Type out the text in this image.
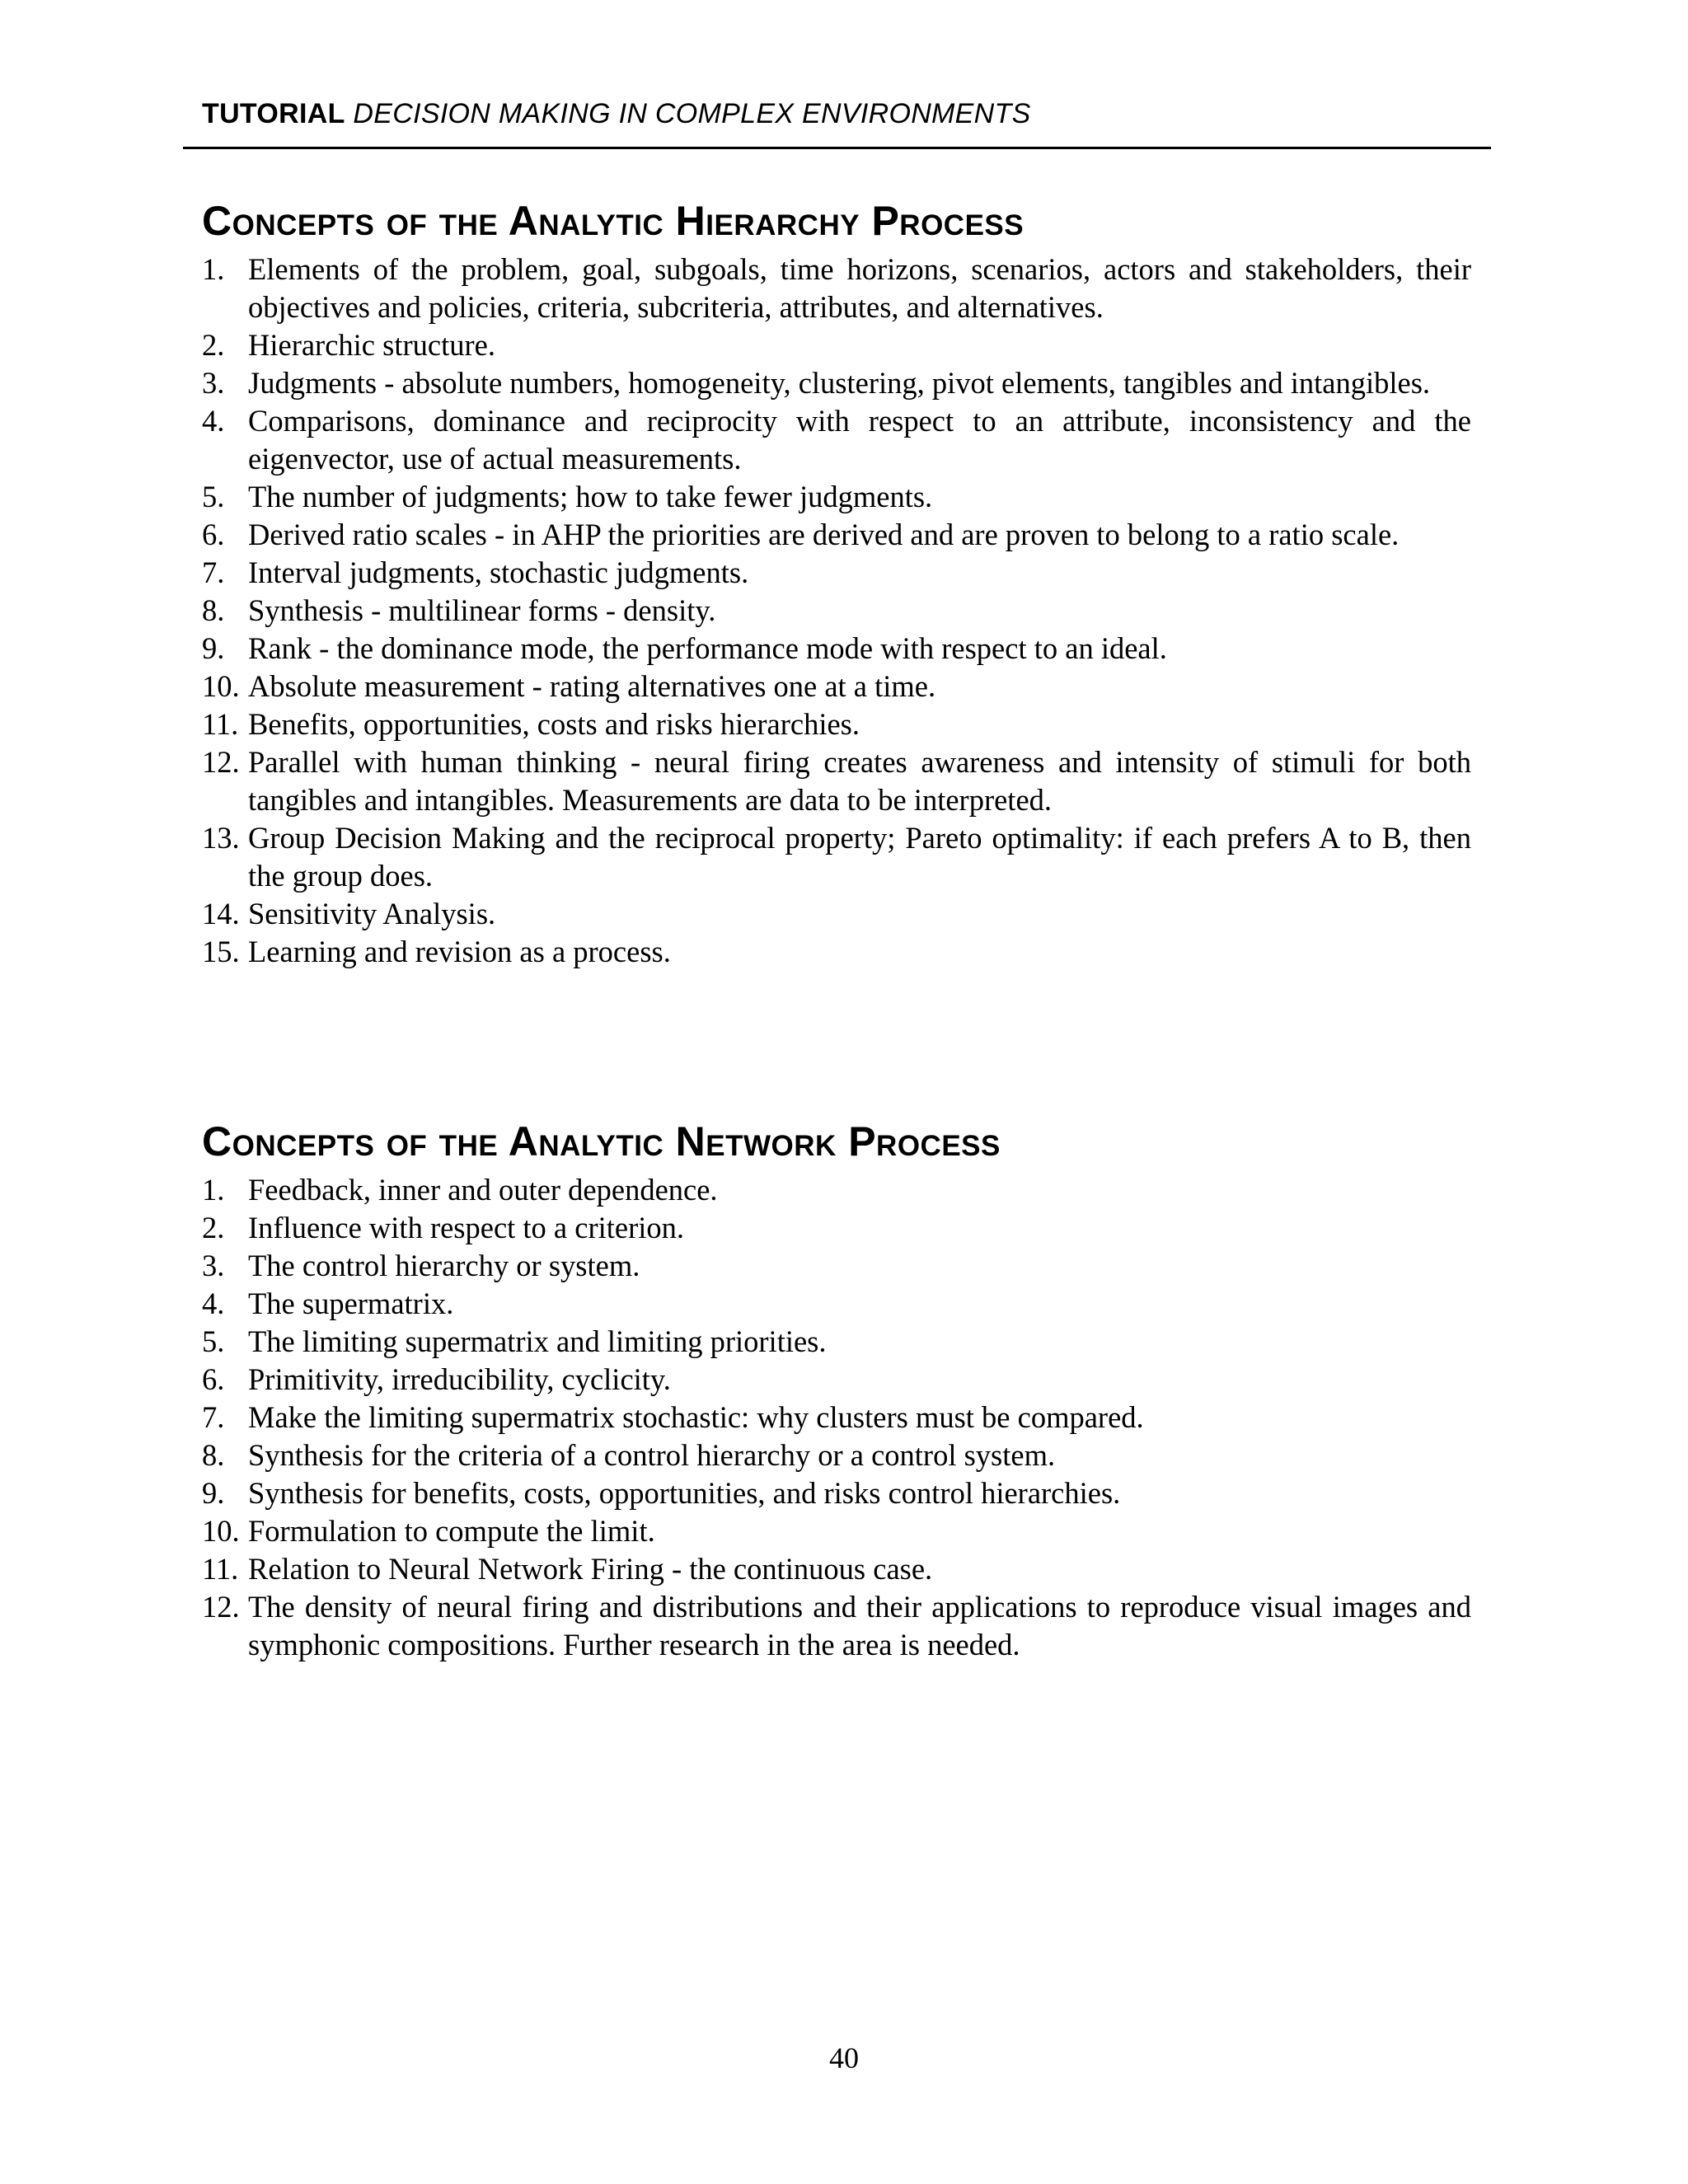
TUTORIAL DECISION MAKING IN COMPLEX ENVIRONMENTS
Concepts of the Analytic Hierarchy Process
1. Elements of the problem, goal, subgoals, time horizons, scenarios, actors and stakeholders, their objectives and policies, criteria, subcriteria, attributes, and alternatives.
2. Hierarchic structure.
3. Judgments - absolute numbers, homogeneity, clustering, pivot elements, tangibles and intangibles.
4. Comparisons, dominance and reciprocity with respect to an attribute, inconsistency and the eigenvector, use of actual measurements.
5. The number of judgments; how to take fewer judgments.
6. Derived ratio scales - in AHP the priorities are derived and are proven to belong to a ratio scale.
7. Interval judgments, stochastic judgments.
8. Synthesis - multilinear forms - density.
9. Rank - the dominance mode, the performance mode with respect to an ideal.
10. Absolute measurement - rating alternatives one at a time.
11. Benefits, opportunities, costs and risks hierarchies.
12. Parallel with human thinking - neural firing creates awareness and intensity of stimuli for both tangibles and intangibles. Measurements are data to be interpreted.
13. Group Decision Making and the reciprocal property; Pareto optimality: if each prefers A to B, then the group does.
14. Sensitivity Analysis.
15. Learning and revision as a process.
Concepts of the Analytic Network Process
1. Feedback, inner and outer dependence.
2. Influence with respect to a criterion.
3. The control hierarchy or system.
4. The supermatrix.
5. The limiting supermatrix and limiting priorities.
6. Primitivity, irreducibility, cyclicity.
7. Make the limiting supermatrix stochastic: why clusters must be compared.
8. Synthesis for the criteria of a control hierarchy or a control system.
9. Synthesis for benefits, costs, opportunities, and risks control hierarchies.
10. Formulation to compute the limit.
11. Relation to Neural Network Firing - the continuous case.
12. The density of neural firing and distributions and their applications to reproduce visual images and symphonic compositions. Further research in the area is needed.
40
